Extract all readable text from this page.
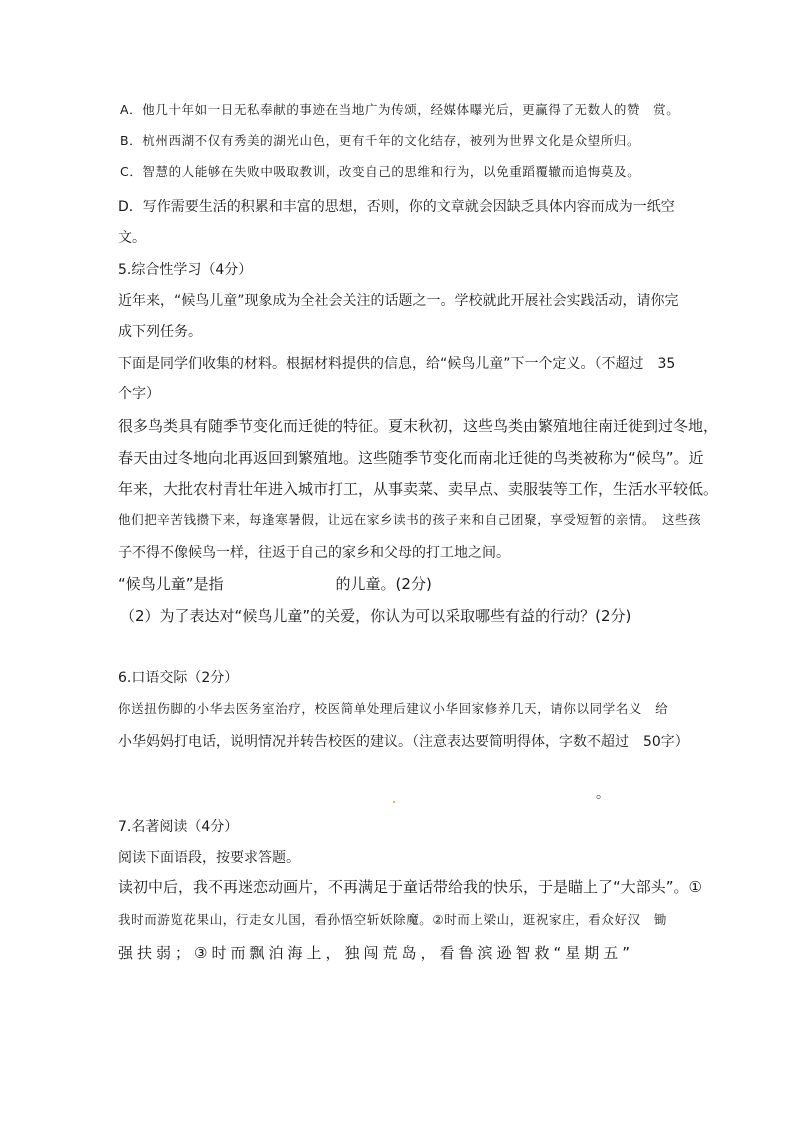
A．他几十年如一日无私奉献的事迹在当地广为传颂，经媒体曝光后，更赢得了无数人的赞　赏。
B．杭州西湖不仅有秀美的湖光山色，更有千年的文化结存，被列为世界文化是众望所归。
C．智慧的人能够在失败中吸取教训，改变自己的思维和行为，以免重蹈覆辙而追悔莫及。
D．写作需要生活的积累和丰富的思想，否则，你的文章就会因缺乏具体内容而成为一纸空
文。
5.综合性学习（4分）
近年来，“候鸟儿童”现象成为全社会关注的话题之一。学校就此开展社会实践活动，请你完
成下列任务。
下面是同学们收集的材料。根据材料提供的信息，给“候鸟儿童”下一个定义。（不超过　35
个字）
很多鸟类具有随季节变化而迁徙的特征。夏末秋初，这些鸟类由繁殖地往南迁徙到过冬地，
春天由过冬地向北再返回到繁殖地。这些随季节变化而南北迁徙的鸟类被称为“候鸟”。近
年来，大批农村青壮年进入城市打工，从事卖菜、卖早点、卖服装等工作，生活水平较低。
他们把辛苦钱攒下来，每逢寒暑假，让远在家乡读书的孩子来和自己团聚，享受短暂的亲情。　这些孩
子不得不像候鸟一样，往返于自己的家乡和父母的打工地之间。
“候鸟儿童”是指	的儿童。(2分)
（2）为了表达对“候鸟儿童”的关爱，你认为可以采取哪些有益的行动？(2分)
6.口语交际（2分）
你送扭伤脚的小华去医务室治疗，校医简单处理后建议小华回家修养几天，请你以同学名义　给
小华妈妈打电话，说明情况并转告校医的建议。（注意表达要简明得体，字数不超过　50字）
。
7.名著阅读（4分）
阅读下面语段，按要求答题。
读初中后，我不再迷恋动画片，不再满足于童话带给我的快乐，于是瞄上了“大部头”。①
我时而游览花果山，行走女儿国，看孙悟空斩妖除魔。②时而上梁山，逛祝家庄，看众好汉　锄
强扶弱；③时而飘泊海上，独闯荒岛，看鲁滨逊智救“星期五”
